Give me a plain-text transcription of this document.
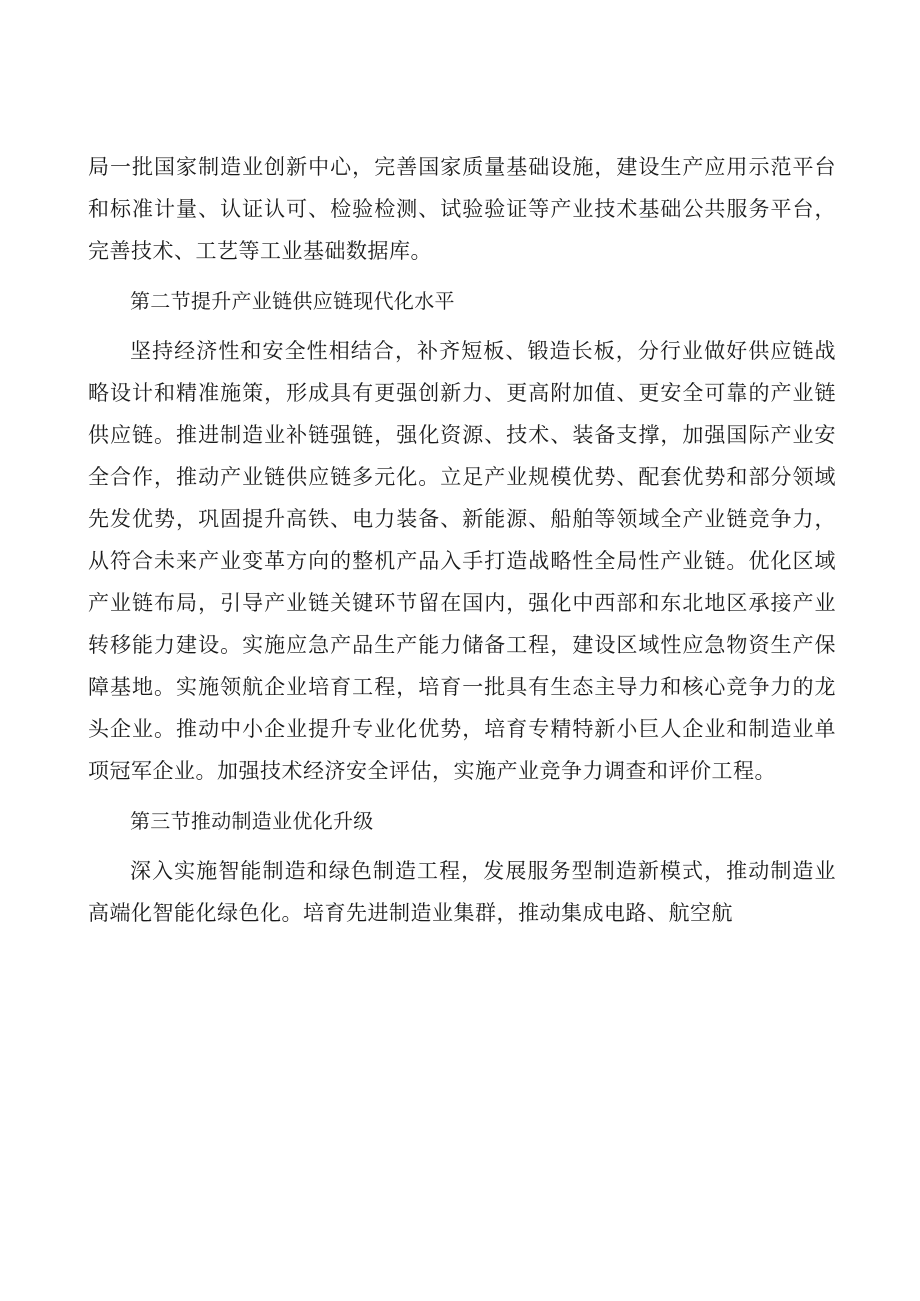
局一批国家制造业创新中心，完善国家质量基础设施，建设生产应用示范平台和标准计量、认证认可、检验检测、试验验证等产业技术基础公共服务平台，完善技术、工艺等工业基础数据库。

第二节提升产业链供应链现代化水平

坚持经济性和安全性相结合，补齐短板、锻造长板，分行业做好供应链战略设计和精准施策，形成具有更强创新力、更高附加值、更安全可靠的产业链供应链。推进制造业补链强链，强化资源、技术、装备支撑，加强国际产业安全合作，推动产业链供应链多元化。立足产业规模优势、配套优势和部分领域先发优势，巩固提升高铁、电力装备、新能源、船舶等领域全产业链竞争力，从符合未来产业变革方向的整机产品入手打造战略性全局性产业链。优化区域产业链布局，引导产业链关键环节留在国内，强化中西部和东北地区承接产业转移能力建设。实施应急产品生产能力储备工程，建设区域性应急物资生产保障基地。实施领航企业培育工程，培育一批具有生态主导力和核心竞争力的龙头企业。推动中小企业提升专业化优势，培育专精特新小巨人企业和制造业单项冠军企业。加强技术经济安全评估，实施产业竞争力调查和评价工程。

第三节推动制造业优化升级

深入实施智能制造和绿色制造工程，发展服务型制造新模式，推动制造业高端化智能化绿色化。培育先进制造业集群，推动集成电路、航空航
